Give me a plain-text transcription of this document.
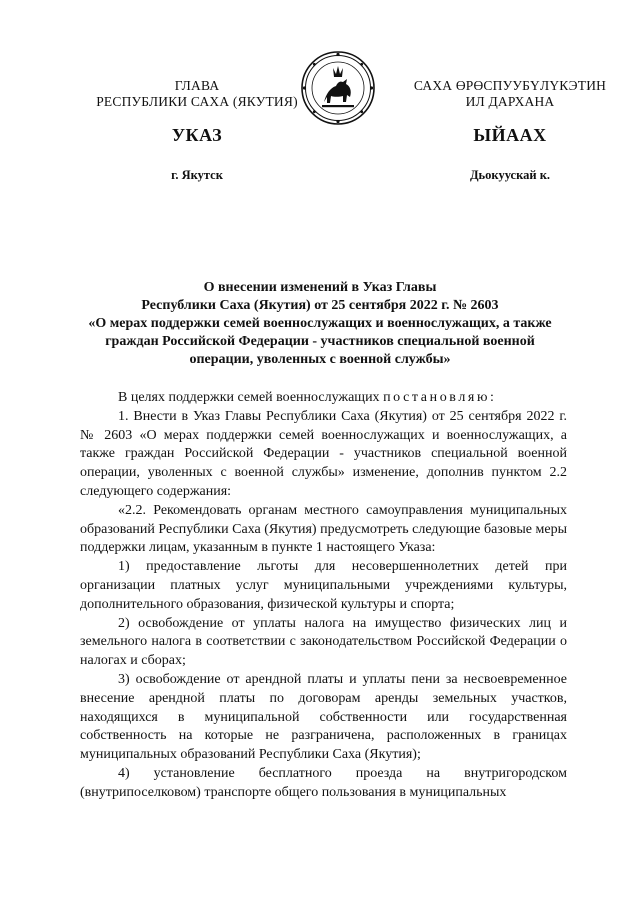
ГЛАВА
РЕСПУБЛИКИ САХА (ЯКУТИЯ)
САХА ӨРӨСПУУБҮЛҮКЭТИН
ИЛ ДАРХАНА
УКАЗ	ЫЙААХ
г. Якутск	Дьокуускай к.
О внесении изменений в Указ Главы
Республики Саха (Якутия) от 25 сентября 2022 г. № 2603
«О мерах поддержки семей военнослужащих и военнослужащих, а также
граждан Российской Федерации - участников специальной военной
операции, уволенных с военной службы»

В целях поддержки семей военнослужащих постановляю:

1. Внести в Указ Главы Республики Саха (Якутия) от 25 сентября 2022 г. № 2603 «О мерах поддержки семей военнослужащих и военнослужащих, а также граждан Российской Федерации - участников специальной военной операции, уволенных с военной службы» изменение, дополнив пунктом 2.2 следующего содержания:

«2.2. Рекомендовать органам местного самоуправления муниципальных образований Республики Саха (Якутия) предусмотреть следующие базовые меры поддержки лицам, указанным в пункте 1 настоящего Указа:

1) предоставление льготы для несовершеннолетних детей при организации платных услуг муниципальными учреждениями культуры, дополнительного образования, физической культуры и спорта;

2) освобождение от уплаты налога на имущество физических лиц и земельного налога в соответствии с законодательством Российской Федерации о налогах и сборах;

3) освобождение от арендной платы и уплаты пени за несвоевременное внесение арендной платы по договорам аренды земельных участков, находящихся в муниципальной собственности или государственная собственность на которые не разграничена, расположенных в границах муниципальных образований Республики Саха (Якутия);

4) установление бесплатного проезда на внутригородском (внутрипоселковом) транспорте общего пользования в муниципальных
